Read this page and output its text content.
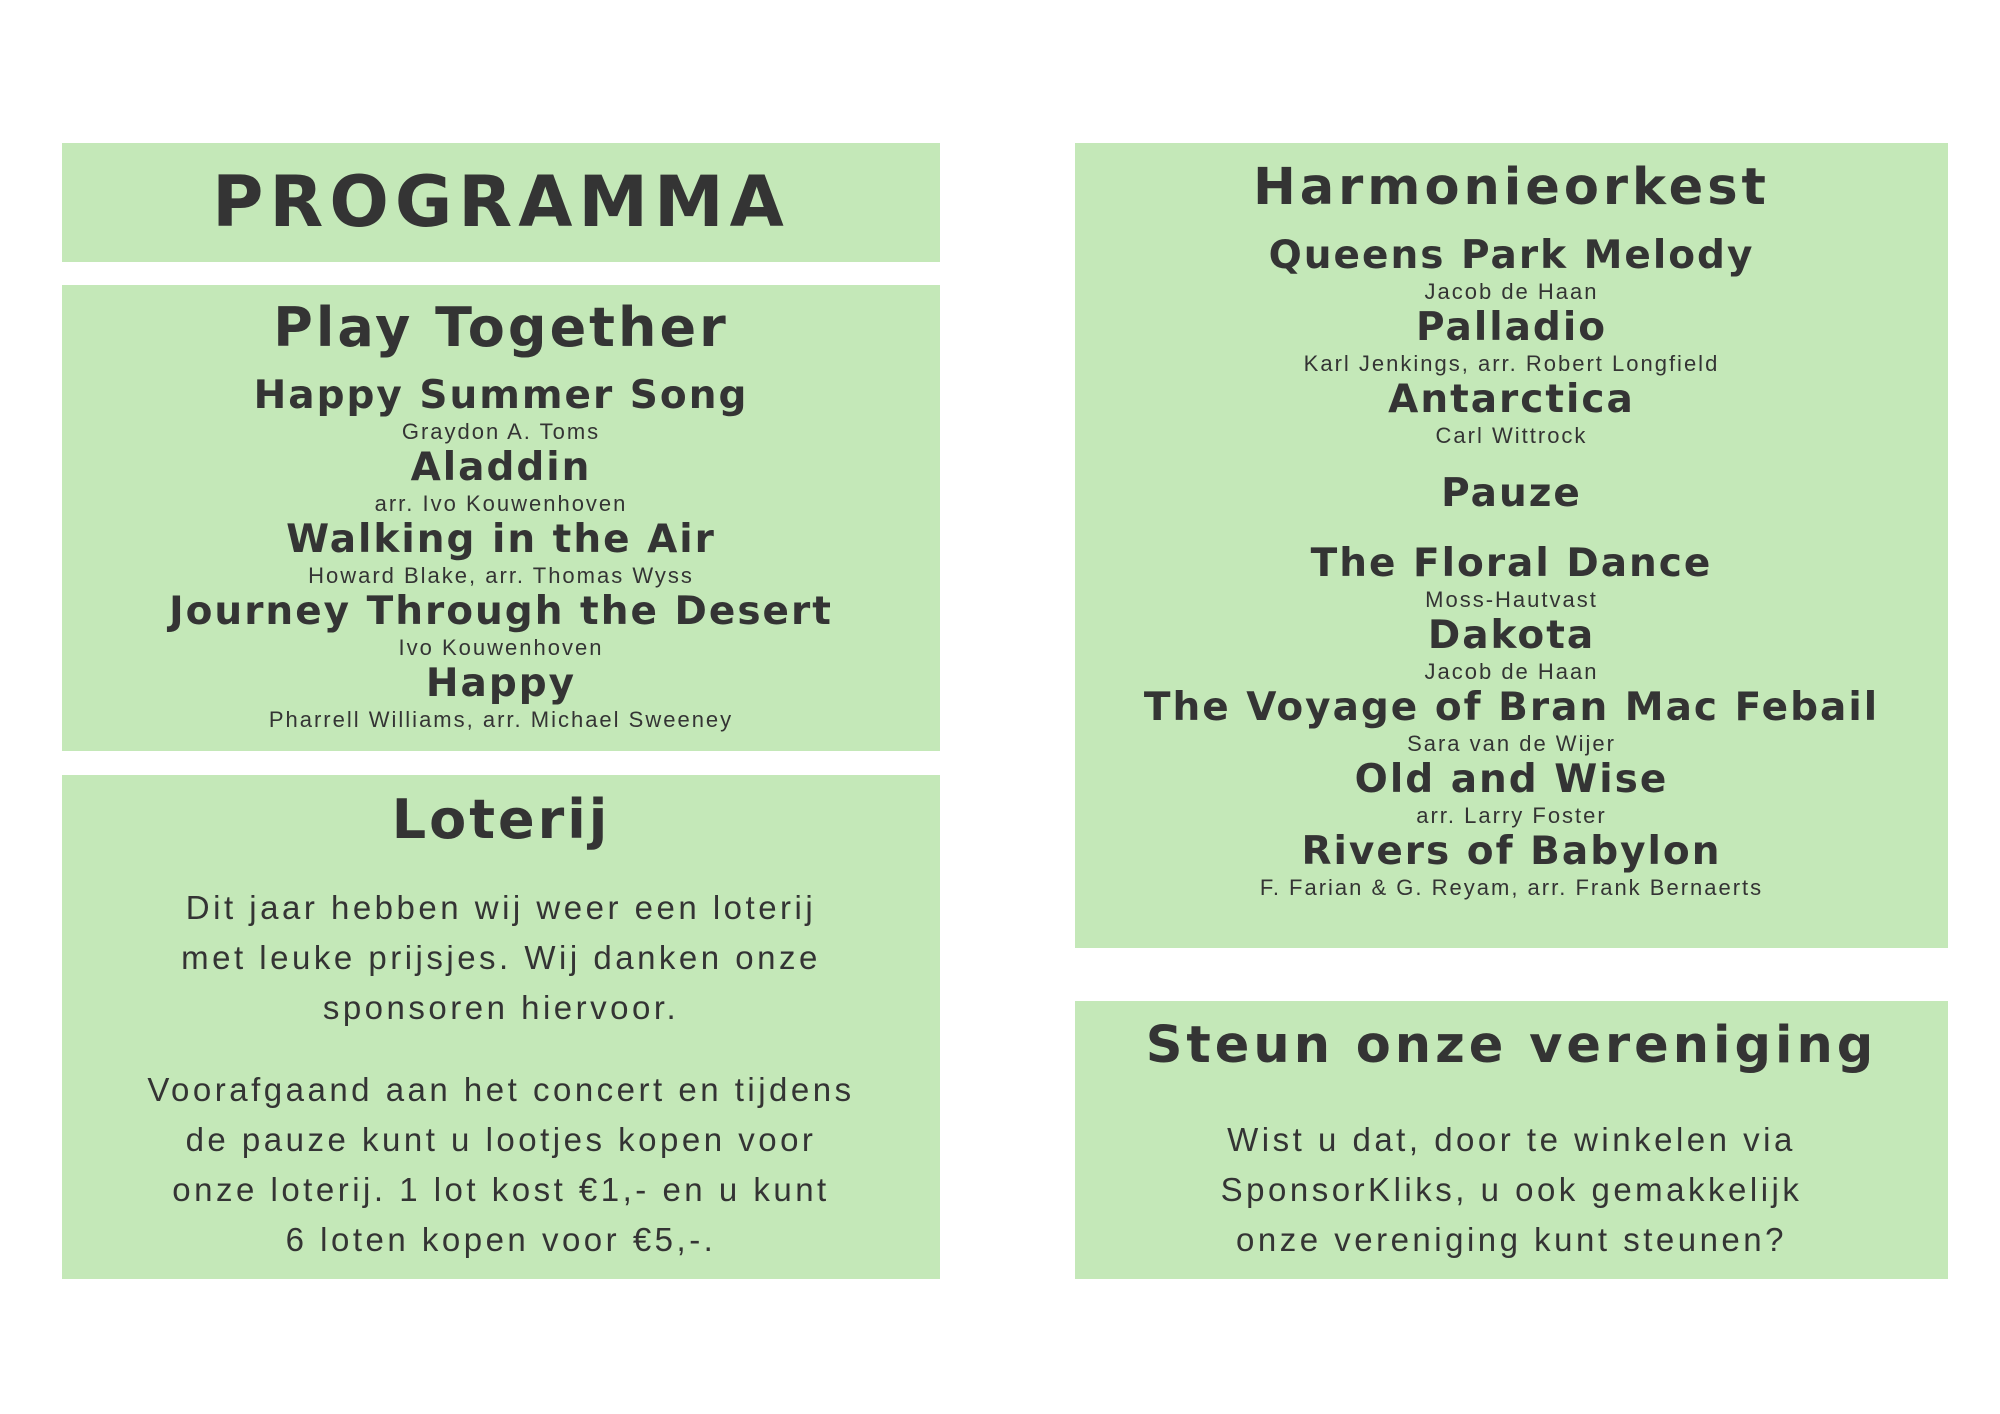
PROGRAMMA
Play Together
Happy Summer Song
Graydon A. Toms
Aladdin
arr. Ivo Kouwenhoven
Walking in the Air
Howard Blake, arr. Thomas Wyss
Journey Through the Desert
Ivo Kouwenhoven
Happy
Pharrell Williams, arr. Michael Sweeney
Loterij
Dit jaar hebben wij weer een loterij
met leuke prijsjes. Wij danken onze
sponsoren hiervoor.
Voorafgaand aan het concert en tijdens
de pauze kunt u lootjes kopen voor
onze loterij. 1 lot kost €1,- en u kunt
6 loten kopen voor €5,-.
Harmonieorkest
Queens Park Melody
Jacob de Haan
Palladio
Karl Jenkings, arr. Robert Longfield
Antarctica
Carl Wittrock
Pauze
The Floral Dance
Moss-Hautvast
Dakota
Jacob de Haan
The Voyage of Bran Mac Febail
Sara van de Wijer
Old and Wise
arr. Larry Foster
Rivers of Babylon
F. Farian & G. Reyam, arr. Frank Bernaerts
Steun onze vereniging
Wist u dat, door te winkelen via
SponsorKliks, u ook gemakkelijk
onze vereniging kunt steunen?
